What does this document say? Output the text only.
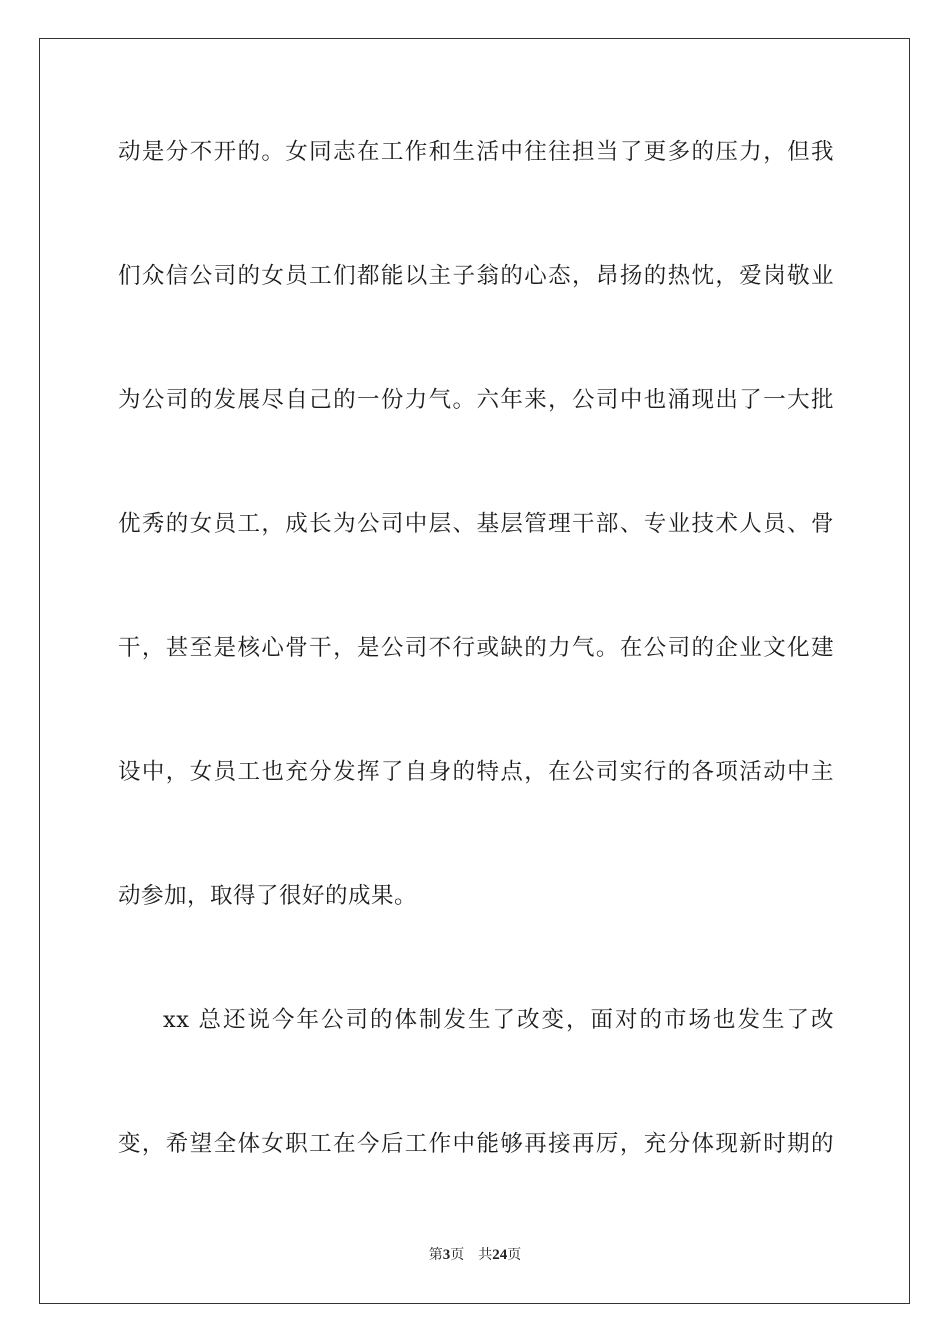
动是分不开的。女同志在工作和生活中往往担当了更多的压力，但我
们众信公司的女员工们都能以主子翁的心态，昂扬的热忱，爱岗敬业
为公司的发展尽自己的一份力气。六年来，公司中也涌现出了一大批
优秀的女员工，成长为公司中层、基层管理干部、专业技术人员、骨
干，甚至是核心骨干，是公司不行或缺的力气。在公司的企业文化建
设中，女员工也充分发挥了自身的特点，在公司实行的各项活动中主
动参加，取得了很好的成果。
xx 总还说今年公司的体制发生了改变，面对的市场也发生了改
变，希望全体女职工在今后工作中能够再接再厉，充分体现新时期的
第3页 共24页
